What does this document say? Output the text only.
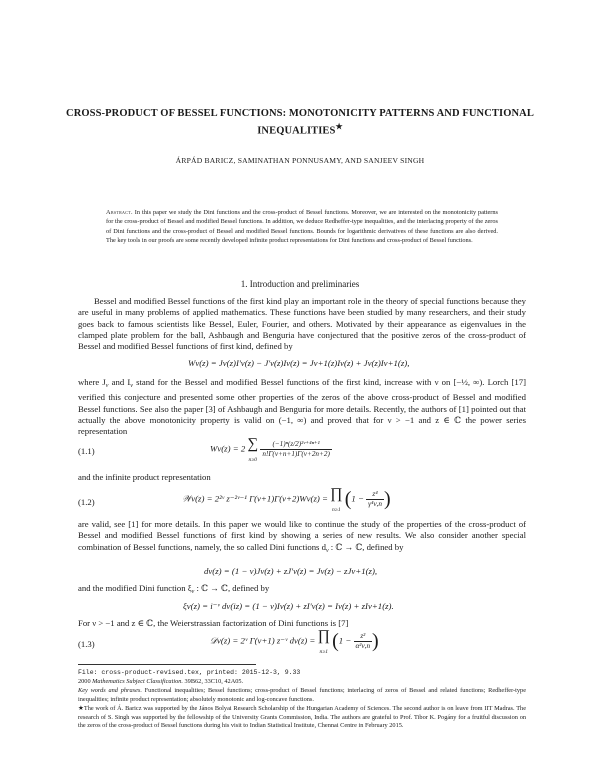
CROSS-PRODUCT OF BESSEL FUNCTIONS: MONOTONICITY PATTERNS AND FUNCTIONAL
INEQUALITIES★
ÁRPÁD BARICZ, SAMINATHAN PONNUSAMY, AND SANJEEV SINGH
Abstract. In this paper we study the Dini functions and the cross-product of Bessel functions. Moreover, we are interested on the monotonicity patterns for the cross-product of Bessel and modified Bessel functions. In addition, we deduce Redheffer-type inequalities, and the interlacing property of the zeros of Dini functions and the cross-product of Bessel and modified Bessel functions. Bounds for logarithmic derivatives of these functions are also derived. The key tools in our proofs are some recently developed infinite product representations for Dini functions and cross-product of Bessel functions.
1. Introduction and preliminaries
Bessel and modified Bessel functions of the first kind play an important role in the theory of special functions because they are useful in many problems of applied mathematics. These functions have been studied by many researchers, and their study goes back to famous scientists like Bessel, Euler, Fourier, and others. Motivated by their appearance as eigenvalues in the clamped plate problem for the ball, Ashbaugh and Benguria have conjectured that the positive zeros of the cross-product of Bessel and modified Bessel functions of first kind, defined by
Wν(z) = Jν(z)I′ν(z) − J′ν(z)Iν(z) = Jν+1(z)Iν(z) + Jν(z)Iν+1(z),
where $J_\nu$ and $I_\nu$ stand for the Bessel and modified Bessel functions of the first kind, increase with ν on [−½, ∞). Lorch [17] verified this conjecture and presented some other properties of the zeros of the above cross-product of Bessel and modified Bessel functions. See also the paper [3] of Ashbaugh and Benguria for more details. Recently, the authors of [1] pointed out that actually the above monotonicity property is valid on (−1, ∞) and proved that for ν > −1 and z ∈ ℂ the power series representation
(1.1)	Wν(z) = 2 ∑
n≥0
$\frac{\text{(−1)ⁿ(z/2)²ᵛ⁺⁴ⁿ⁺¹}}{n!\Gamma(\nu+n+1)\Gamma(\nu+2n+2)}$
and the infinite product representation
(1.2)	𝒲ν(z) = 2²ᵛ z⁻²ᵛ⁻¹ Γ(ν+1)Γ(ν+2)Wν(z) = ∏
n≥1 ($1 - \frac{\text{z⁴}}{\text{γ⁴ν,n}}$ )
are valid, see [1] for more details. In this paper we would like to continue the study of the properties of the cross-product of Bessel and modified Bessel functions of first kind by showing a series of new results. We also consider another special combination of Bessel functions, namely, the so called Dini functions $d_\nu$ : ℂ → ℂ, defined by
dν(z) = (1 − ν)Jν(z) + zJ′ν(z) = Jν(z) − zJν+1(z),
and the modified Dini function $\xi_\nu$ : ℂ → ℂ, defined by
ξν(z) = i⁻ᵛ dν(iz) = (1 − ν)Iν(z) + zI′ν(z) = Iν(z) + zIν+1(z).
For ν > −1 and z ∈ ℂ, the Weierstrassian factorization of Dini functions is [7]
(1.3)	𝒟ν(z) = 2ᵛ Γ(ν+1) z⁻ᵛ dν(z) = ∏
n≥1 ($1 - \frac{\text{z²}}{\text{α²ν,n}}$ )
File: cross-product-revised.tex, printed: 2015-12-3, 9.33
2000 Mathematics Subject Classification. 39B62, 33C10, 42A05.
Key words and phrases. Functional inequalities; Bessel functions; cross-product of Bessel functions; interlacing of zeros of Bessel and related functions; Redheffer-type inequalities; infinite product representation; absolutely monotonic and log-concave functions.
★The work of Á. Baricz was supported by the János Bolyai Research Scholarship of the Hungarian Academy of Sciences. The second author is on leave from IIT Madras. The research of S. Singh was supported by the fellowship of the University Grants Commission, India. The authors are grateful to Prof. Tibor K. Pogány for a fruitful discussion on the zeros of the cross-product of Bessel functions during his visit to Indian Statistical Institute, Chennai Centre in February 2015.
